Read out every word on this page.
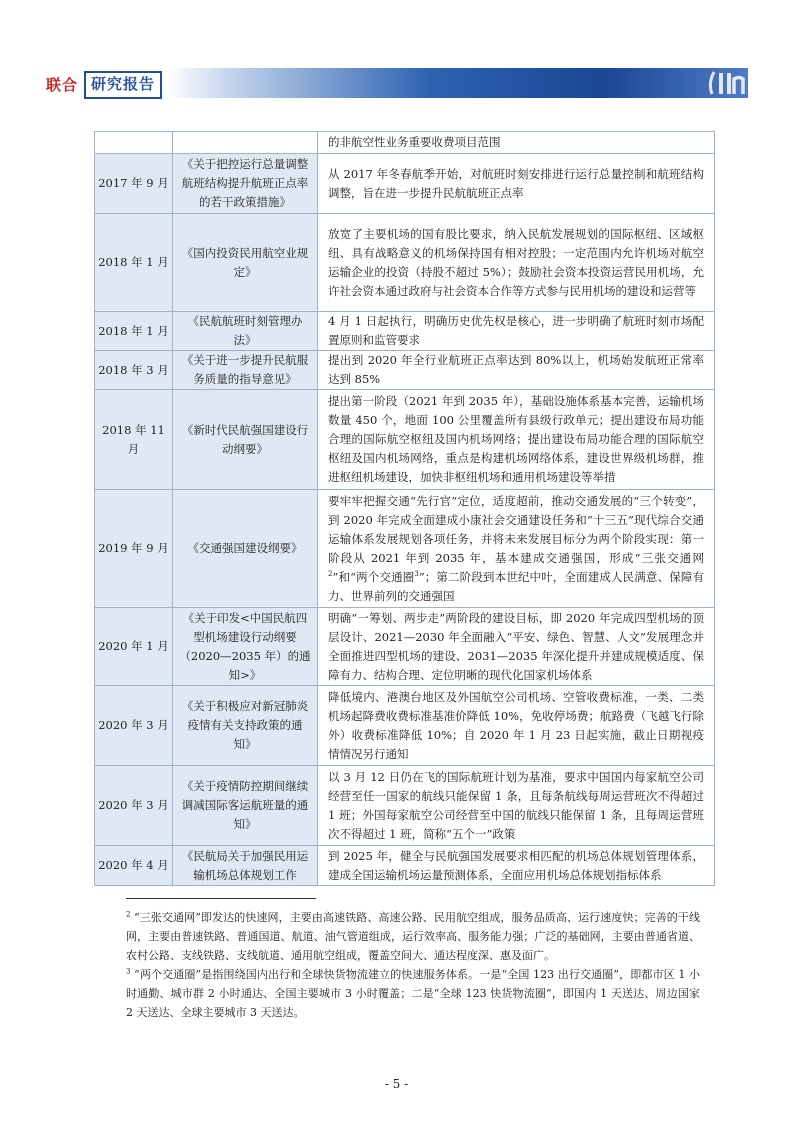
联合 研究报告
		的非航空性业务重要收费项目范围
2017 年 9 月	《关于把控运行总量调整航班结构提升航班正点率的若干政策措施》	从 2017 年冬春航季开始，对航班时刻安排进行运行总量控制和航班结构调整，旨在进一步提升民航航班正点率
2018 年 1 月	《国内投资民用航空业规定》	放宽了主要机场的国有股比要求，纳入民航发展规划的国际枢纽、区域枢纽、具有战略意义的机场保持国有相对控股；一定范围内允许机场对航空运输企业的投资（持股不超过 5%）；鼓励社会资本投资运营民用机场，允许社会资本通过政府与社会资本合作等方式参与民用机场的建设和运营等
2018 年 1 月	《民航航班时刻管理办法》	4 月 1 日起执行，明确历史优先权是核心，进一步明确了航班时刻市场配置原则和监管要求
2018 年 3 月	《关于进一步提升民航服务质量的指导意见》	提出到 2020 年全行业航班正点率达到 80%以上，机场始发航班正常率达到 85%
2018 年 11 月	《新时代民航强国建设行动纲要》	提出第一阶段（2021 年到 2035 年），基础设施体系基本完善，运输机场数量 450 个，地面 100 公里覆盖所有县级行政单元；提出建设布局功能合理的国际航空枢纽及国内机场网络；提出建设布局功能合理的国际航空枢纽及国内机场网络，重点是构建机场网络体系，建设世界级机场群，推进枢纽机场建设，加快非枢纽机场和通用机场建设等举措
2019 年 9 月	《交通强国建设纲要》	要牢牢把握交通“先行官”定位，适度超前，推动交通发展的“三个转变”，到 2020 年完成全面建成小康社会交通建设任务和“十三五”现代综合交通运输体系发展规划各项任务，并将未来发展目标分为两个阶段实现：第一阶段从 2021 年到 2035 年，基本建成交通强国，形成“三张交通网$^2$”和“两个交通圈$^3$”；第二阶段到本世纪中叶，全面建成人民满意、保障有力、世界前列的交通强国
2020 年 1 月	《关于印发<中国民航四型机场建设行动纲要（2020—2035 年）的通知>》	明确“一筹划、两步走”两阶段的建设目标，即 2020 年完成四型机场的顶层设计、2021—2030 年全面融入“平安、绿色、智慧、人文”发展理念并全面推进四型机场的建设、2031—2035 年深化提升并建成规模适度、保障有力、结构合理、定位明晰的现代化国家机场体系
2020 年 3 月	《关于积极应对新冠肺炎疫情有关支持政策的通知》	降低境内、港澳台地区及外国航空公司机场、空管收费标准，一类、二类机场起降费收费标准基准价降低 10%，免收停场费；航路费（飞越飞行除外）收费标准降低 10%；自 2020 年 1 月 23 日起实施，截止日期视疫情情况另行通知
2020 年 3 月	《关于疫情防控期间继续调减国际客运航班量的通知》	以 3 月 12 日仍在飞的国际航班计划为基准，要求中国国内每家航空公司经营至任一国家的航线只能保留 1 条，且每条航线每周运营班次不得超过 1 班；外国每家航空公司经营至中国的航线只能保留 1 条，且每周运营班次不得超过 1 班，简称“五个一”政策
2020 年 4 月	《民航局关于加强民用运输机场总体规划工作	到 2025 年，健全与民航强国发展要求相匹配的机场总体规划管理体系，建成全国运输机场运量预测体系，全面应用机场总体规划指标体系

$^2$ “三张交通网”即发达的快速网，主要由高速铁路、高速公路、民用航空组成，服务品质高、运行速度快；完善的干线网，主要由普速铁路、普通国道、航道、油气管道组成，运行效率高、服务能力强；广泛的基础网，主要由普通省道、农村公路、支线铁路、支线航道、通用航空组成，覆盖空间大、通达程度深、惠及面广。

$^3$ “两个交通圈”是指围绕国内出行和全球快货物流建立的快速服务体系。一是“全国 123 出行交通圈”，即都市区 1 小时通勤、城市群 2 小时通达、全国主要城市 3 小时覆盖；二是“全球 123 快货物流圈”，即国内 1 天送达、周边国家 2 天送达、全球主要城市 3 天送达。

- 5 -
